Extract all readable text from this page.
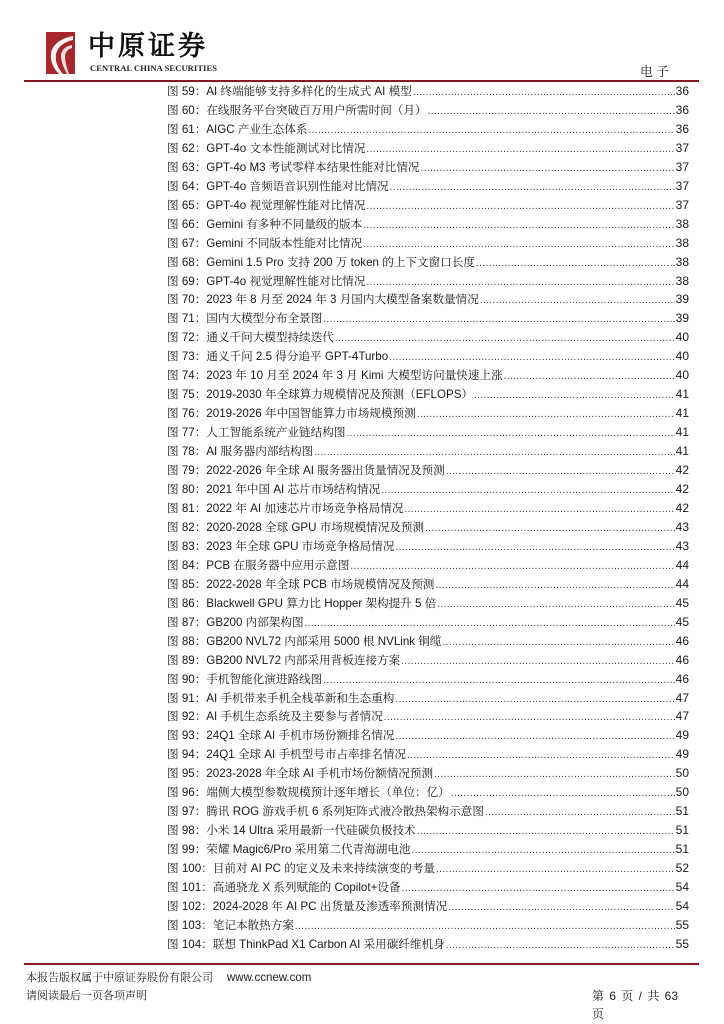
中原证券
CENTRAL CHINA SECURITIES	电子
图 59：AI 终端能够支持多样化的生成式 AI 模型 .....	36
图 60：在线服务平台突破百万用户所需时间（月） .....	36
图 61：AIGC 产业生态体系 .....	36
图 62：GPT-4o 文本性能测试对比情况 .....	37
图 63：GPT-4o M3 考试零样本结果性能对比情况 .....	37
图 64：GPT-4o 音频语音识别性能对比情况 .....	37
图 65：GPT-4o 视觉理解性能对比情况 .....	37
图 66：Gemini 有多种不同量级的版本 .....	38
图 67：Gemini 不同版本性能对比情况 .....	38
图 68：Gemini 1.5 Pro 支持 200 万 token 的上下文窗口长度 .....	38
图 69：GPT-4o 视觉理解性能对比情况 .....	38
图 70：2023 年 8 月至 2024 年 3 月国内大模型备案数量情况 .....	39
图 71：国内大模型分布全景图 .....	39
图 72：通义千问大模型持续迭代 .....	40
图 73：通义千问 2.5 得分追平 GPT-4Turbo .....	40
图 74：2023 年 10 月至 2024 年 3 月 Kimi 大模型访问量快速上涨 .....	40
图 75：2019-2030 年全球算力规模情况及预测（EFLOPS） .....	41
图 76：2019-2026 年中国智能算力市场规模预测 .....	41
图 77：人工智能系统产业链结构图 .....	41
图 78：AI 服务器内部结构图 .....	41
图 79：2022-2026 年全球 AI 服务器出货量情况及预测 .....	42
图 80：2021 年中国 AI 芯片市场结构情况 .....	42
图 81：2022 年 AI 加速芯片市场竞争格局情况 .....	42
图 82：2020-2028 全球 GPU 市场规模情况及预测 .....	43
图 83：2023 年全球 GPU 市场竞争格局情况 .....	43
图 84：PCB 在服务器中应用示意图 .....	44
图 85：2022-2028 年全球 PCB 市场规模情况及预测 .....	44
图 86：Blackwell GPU 算力比 Hopper 架构提升 5 倍 .....	45
图 87：GB200 内部架构图 .....	45
图 88：GB200 NVL72 内部采用 5000 根 NVLink 铜缆 .....	46
图 89：GB200 NVL72 内部采用背板连接方案 .....	46
图 90：手机智能化演进路线图 .....	46
图 91：AI 手机带来手机全栈革新和生态重构 .....	47
图 92：AI 手机生态系统及主要参与者情况 .....	47
图 93：24Q1 全球 AI 手机市场份额排名情况 .....	49
图 94：24Q1 全球 AI 手机型号市占率排名情况 .....	49
图 95：2023-2028 年全球 AI 手机市场份额情况预测 .....	50
图 96：端侧大模型参数规模预计逐年增长（单位：亿） .....	50
图 97：腾讯 ROG 游戏手机 6 系列矩阵式液冷散热架构示意图 .....	51
图 98：小米 14 Ultra 采用最新一代硅碳负极技术 .....	51
图 99：荣耀 Magic6/Pro 采用第二代青海湖电池 .....	51
图 100：目前对 AI PC 的定义及未来持续演变的考量 .....	52
图 101：高通骁龙 X 系列赋能的 Copilot+设备 .....	54
图 102：2024-2028 年 AI PC 出货量及渗透率预测情况 .....	54
图 103：笔记本散热方案 .....	55
图 104：联想 ThinkPad X1 Carbon AI 采用碳纤维机身 .....	55
本报告版权属于中原证券股份有限公司 www.ccnew.com
请阅读最后一页各项声明	第 6 页 / 共 63 页
